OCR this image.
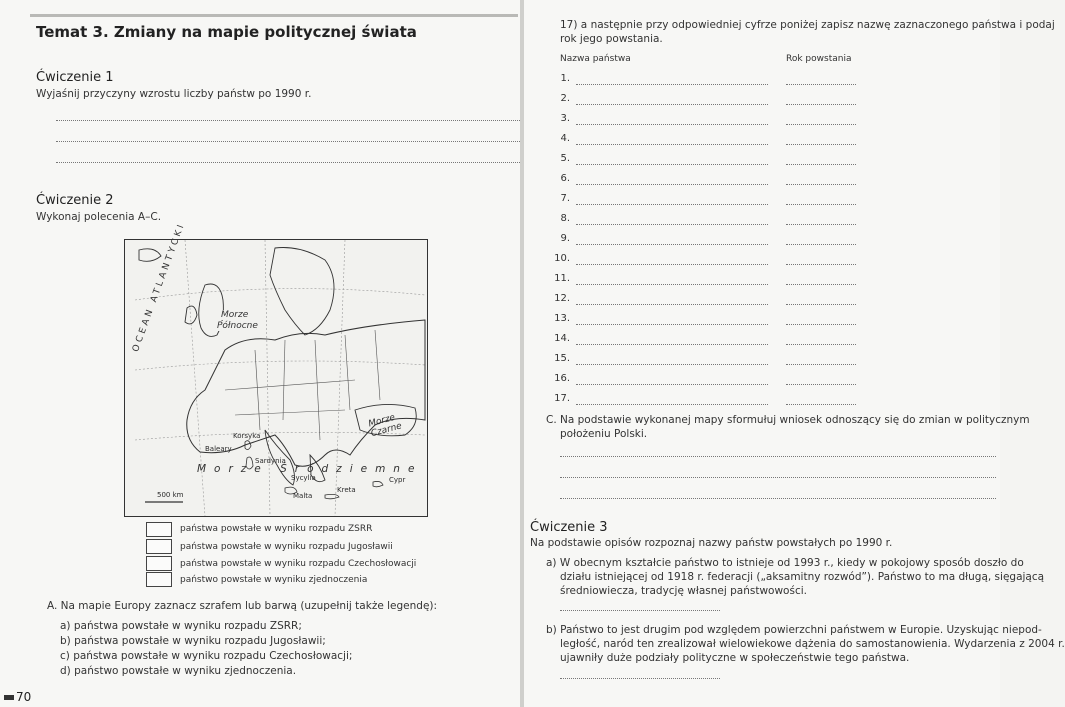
Temat 3. Zmiany na mapie politycznej świata
Ćwiczenie 1
Wyjaśnij przyczyny wzrostu liczby państw po 1990 r.
Ćwiczenie 2
Wykonaj polecenia A–C.
OCEAN ATLANTYCKI	Morze
Północne
Morze Czarne
Morze Śródziemne
Korsyka
Sardynia
Baleary
Sycylia
Kreta
Cypr
Malta
500 km
państwa powstałe w wyniku rozpadu ZSRR
państwa powstałe w wyniku rozpadu Jugosławii
państwa powstałe w wyniku rozpadu Czechosłowacji
państwo powstałe w wyniku zjednoczenia
A. Na mapie Europy zaznacz szrafem lub barwą (uzupełnij także legendę):
a) państwa powstałe w wyniku rozpadu ZSRR;
b) państwa powstałe w wyniku rozpadu Jugosławii;
c) państwa powstałe w wyniku rozpadu Czechosłowacji;
d) państwo powstałe w wyniku zjednoczenia.
70
17) a następnie przy odpowiedniej cyfrze poniżej zapisz nazwę zaznaczonego państwa i podaj
rok jego powstania.
Nazwa państwa	Rok powstania
1.
2.
3.
4.
5.
6.
7.
8.
9.
10.
11.
12.
13.
14.
15.
16.
17.
C. Na podstawie wykonanej mapy sformułuj wniosek odnoszący się do zmian w politycznym
położeniu Polski.
Ćwiczenie 3
Na podstawie opisów rozpoznaj nazwy państw powstałych po 1990 r.
a) W obecnym kształcie państwo to istnieje od 1993 r., kiedy w pokojowy sposób doszło do
działu istniejącej od 1918 r. federacji („aksamitny rozwód”). Państwo to ma długą, sięgającą
średniowiecza, tradycję własnej państwowości.
b) Państwo to jest drugim pod względem powierzchni państwem w Europie. Uzyskując niepod-
ległość, naród ten zrealizował wielowiekowe dążenia do samostanowienia. Wydarzenia z 2004 r.
ujawniły duże podziały polityczne w społeczeństwie tego państwa.
